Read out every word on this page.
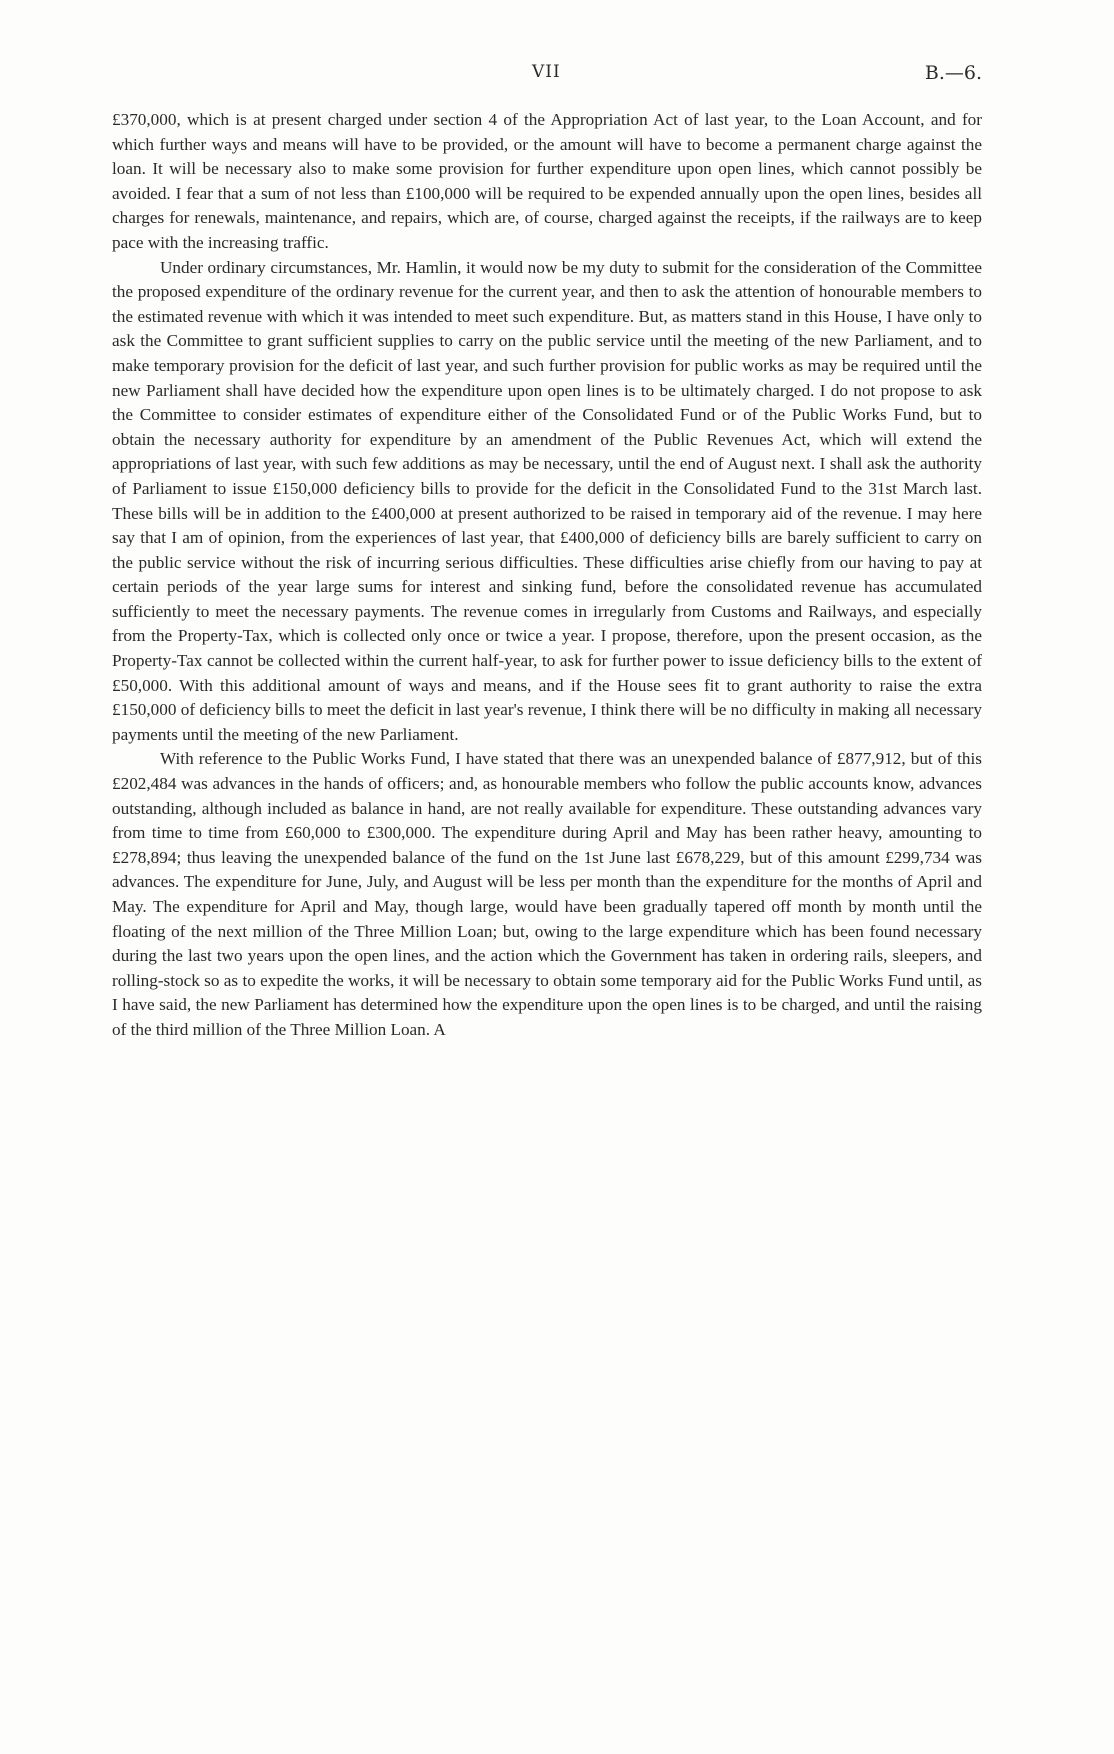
VII	B.—6.

£370,000, which is at present charged under section 4 of the Appropriation Act of last year, to the Loan Account, and for which further ways and means will have to be provided, or the amount will have to become a permanent charge against the loan. It will be necessary also to make some provision for further expenditure upon open lines, which cannot possibly be avoided. I fear that a sum of not less than £100,000 will be required to be expended annually upon the open lines, besides all charges for renewals, maintenance, and repairs, which are, of course, charged against the receipts, if the railways are to keep pace with the increasing traffic.

Under ordinary circumstances, Mr. Hamlin, it would now be my duty to submit for the consideration of the Committee the proposed expenditure of the ordinary revenue for the current year, and then to ask the attention of honourable members to the estimated revenue with which it was intended to meet such expenditure. But, as matters stand in this House, I have only to ask the Committee to grant sufficient supplies to carry on the public service until the meeting of the new Parliament, and to make temporary provision for the deficit of last year, and such further provision for public works as may be required until the new Parliament shall have decided how the expenditure upon open lines is to be ultimately charged. I do not propose to ask the Committee to consider estimates of expenditure either of the Consolidated Fund or of the Public Works Fund, but to obtain the necessary authority for expenditure by an amendment of the Public Revenues Act, which will extend the appropriations of last year, with such few additions as may be necessary, until the end of August next. I shall ask the authority of Parliament to issue £150,000 deficiency bills to provide for the deficit in the Consolidated Fund to the 31st March last. These bills will be in addition to the £400,000 at present authorized to be raised in temporary aid of the revenue. I may here say that I am of opinion, from the experiences of last year, that £400,000 of deficiency bills are barely sufficient to carry on the public service without the risk of incurring serious difficulties. These difficulties arise chiefly from our having to pay at certain periods of the year large sums for interest and sinking fund, before the consolidated revenue has accumulated sufficiently to meet the necessary payments. The revenue comes in irregularly from Customs and Railways, and especially from the Property-Tax, which is collected only once or twice a year. I propose, therefore, upon the present occasion, as the Property-Tax cannot be collected within the current half-year, to ask for further power to issue deficiency bills to the extent of £50,000. With this additional amount of ways and means, and if the House sees fit to grant authority to raise the extra £150,000 of deficiency bills to meet the deficit in last year's revenue, I think there will be no difficulty in making all necessary payments until the meeting of the new Parliament.

With reference to the Public Works Fund, I have stated that there was an unexpended balance of £877,912, but of this £202,484 was advances in the hands of officers; and, as honourable members who follow the public accounts know, advances outstanding, although included as balance in hand, are not really available for expenditure. These outstanding advances vary from time to time from £60,000 to £300,000. The expenditure during April and May has been rather heavy, amounting to £278,894; thus leaving the unexpended balance of the fund on the 1st June last £678,229, but of this amount £299,734 was advances. The expenditure for June, July, and August will be less per month than the expenditure for the months of April and May. The expenditure for April and May, though large, would have been gradually tapered off month by month until the floating of the next million of the Three Million Loan; but, owing to the large expenditure which has been found necessary during the last two years upon the open lines, and the action which the Government has taken in ordering rails, sleepers, and rolling-stock so as to expedite the works, it will be necessary to obtain some temporary aid for the Public Works Fund until, as I have said, the new Parliament has determined how the expenditure upon the open lines is to be charged, and until the raising of the third million of the Three Million Loan. A
